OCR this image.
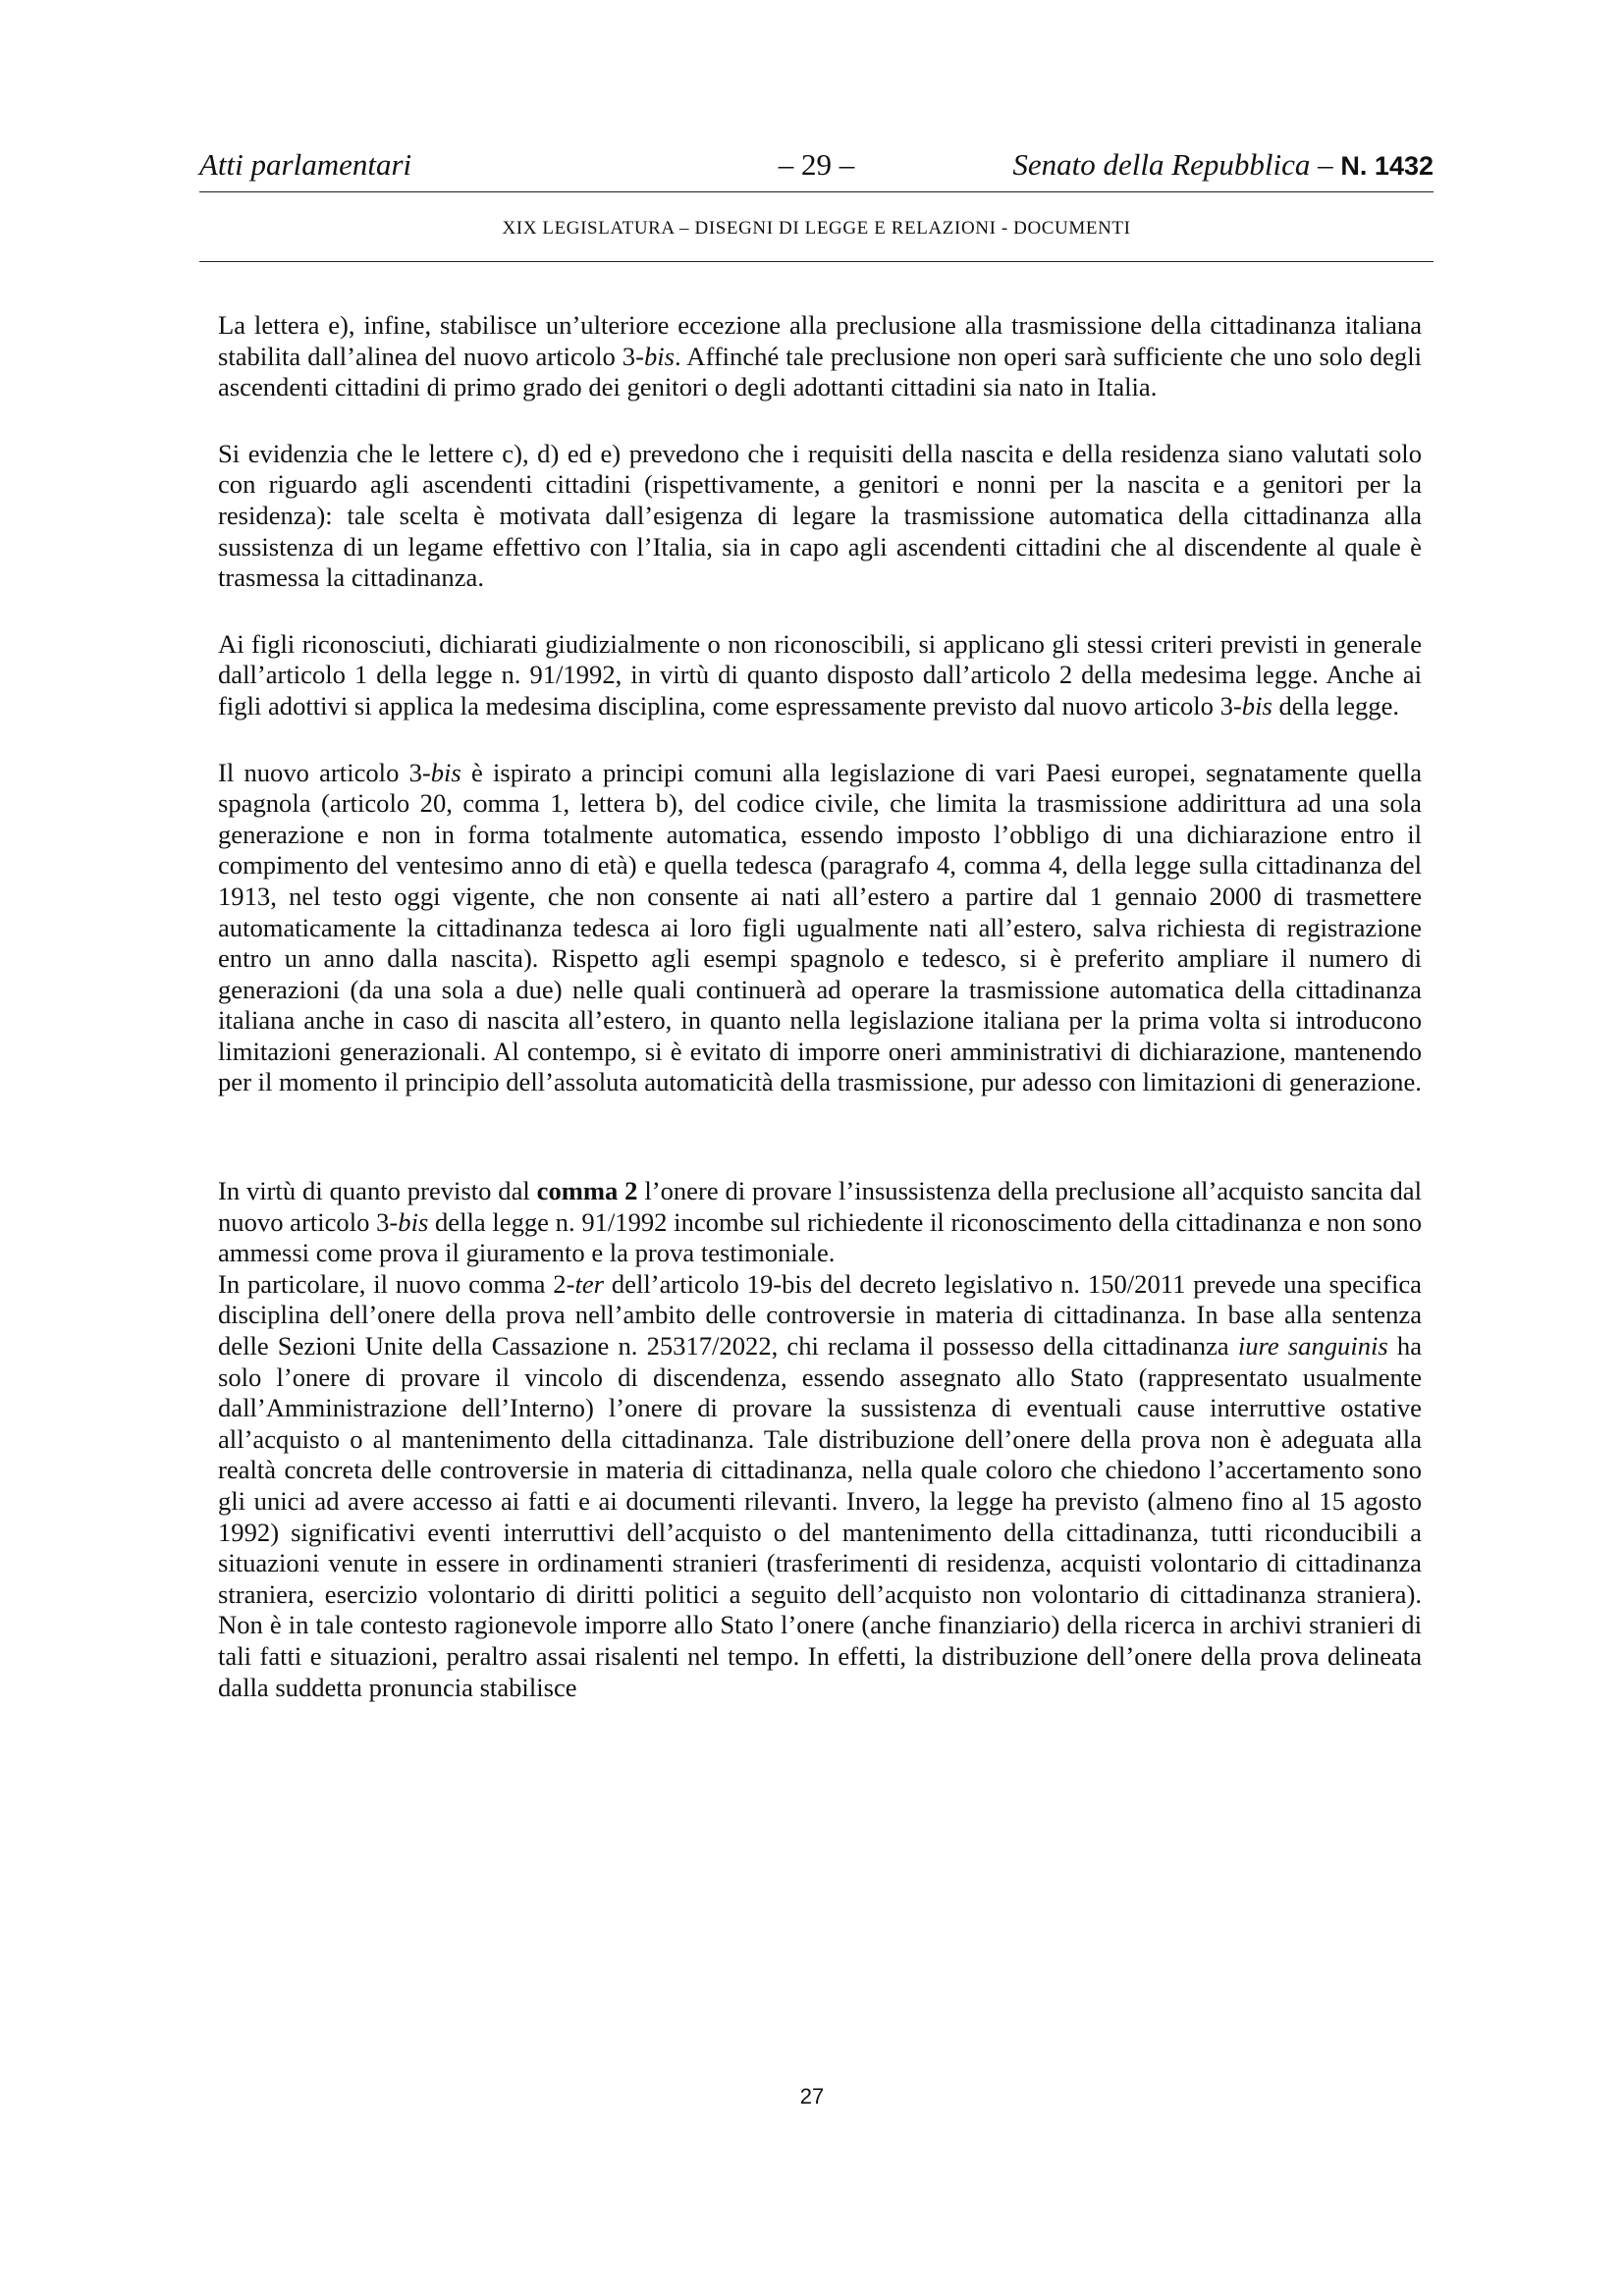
Atti parlamentari	– 29 –	Senato della Repubblica – N. 1432
XIX LEGISLATURA – DISEGNI DI LEGGE E RELAZIONI - DOCUMENTI

La lettera e), infine, stabilisce un’ulteriore eccezione alla preclusione alla trasmissione della cittadinanza italiana stabilita dall’alinea del nuovo articolo 3-bis. Affinché tale preclusione non operi sarà sufficiente che uno solo degli ascendenti cittadini di primo grado dei genitori o degli adottanti cittadini sia nato in Italia.

Si evidenzia che le lettere c), d) ed e) prevedono che i requisiti della nascita e della residenza siano valutati solo con riguardo agli ascendenti cittadini (rispettivamente, a genitori e nonni per la nascita e a genitori per la residenza): tale scelta è motivata dall’esigenza di legare la trasmissione automatica della cittadinanza alla sussistenza di un legame effettivo con l’Italia, sia in capo agli ascendenti cittadini che al discendente al quale è trasmessa la cittadinanza.

Ai figli riconosciuti, dichiarati giudizialmente o non riconoscibili, si applicano gli stessi criteri previsti in generale dall’articolo 1 della legge n. 91/1992, in virtù di quanto disposto dall’articolo 2 della medesima legge. Anche ai figli adottivi si applica la medesima disciplina, come espressamente previsto dal nuovo articolo 3-bis della legge.

Il nuovo articolo 3-bis è ispirato a principi comuni alla legislazione di vari Paesi europei, segnatamente quella spagnola (articolo 20, comma 1, lettera b), del codice civile, che limita la trasmissione addirittura ad una sola generazione e non in forma totalmente automatica, essendo imposto l’obbligo di una dichiarazione entro il compimento del ventesimo anno di età) e quella tedesca (paragrafo 4, comma 4, della legge sulla cittadinanza del 1913, nel testo oggi vigente, che non consente ai nati all’estero a partire dal 1 gennaio 2000 di trasmettere automaticamente la cittadinanza tedesca ai loro figli ugualmente nati all’estero, salva richiesta di registrazione entro un anno dalla nascita). Rispetto agli esempi spagnolo e tedesco, si è preferito ampliare il numero di generazioni (da una sola a due) nelle quali continuerà ad operare la trasmissione automatica della cittadinanza italiana anche in caso di nascita all’estero, in quanto nella legislazione italiana per la prima volta si introducono limitazioni generazionali. Al contempo, si è evitato di imporre oneri amministrativi di dichiarazione, mantenendo per il momento il principio dell’assoluta automaticità della trasmissione, pur adesso con limitazioni di generazione.

In virtù di quanto previsto dal comma 2 l’onere di provare l’insussistenza della preclusione all’acquisto sancita dal nuovo articolo 3-bis della legge n. 91/1992 incombe sul richiedente il riconoscimento della cittadinanza e non sono ammessi come prova il giuramento e la prova testimoniale.

In particolare, il nuovo comma 2-ter dell’articolo 19-bis del decreto legislativo n. 150/2011 prevede una specifica disciplina dell’onere della prova nell’ambito delle controversie in materia di cittadinanza. In base alla sentenza delle Sezioni Unite della Cassazione n. 25317/2022, chi reclama il possesso della cittadinanza iure sanguinis ha solo l’onere di provare il vincolo di discendenza, essendo assegnato allo Stato (rappresentato usualmente dall’Amministrazione dell’Interno) l’onere di provare la sussistenza di eventuali cause interruttive ostative all’acquisto o al mantenimento della cittadinanza. Tale distribuzione dell’onere della prova non è adeguata alla realtà concreta delle controversie in materia di cittadinanza, nella quale coloro che chiedono l’accertamento sono gli unici ad avere accesso ai fatti e ai documenti rilevanti. Invero, la legge ha previsto (almeno fino al 15 agosto 1992) significativi eventi interruttivi dell’acquisto o del mantenimento della cittadinanza, tutti riconducibili a situazioni venute in essere in ordinamenti stranieri (trasferimenti di residenza, acquisti volontario di cittadinanza straniera, esercizio volontario di diritti politici a seguito dell’acquisto non volontario di cittadinanza straniera). Non è in tale contesto ragionevole imporre allo Stato l’onere (anche finanziario) della ricerca in archivi stranieri di tali fatti e situazioni, peraltro assai risalenti nel tempo. In effetti, la distribuzione dell’onere della prova delineata dalla suddetta pronuncia stabilisce

27
